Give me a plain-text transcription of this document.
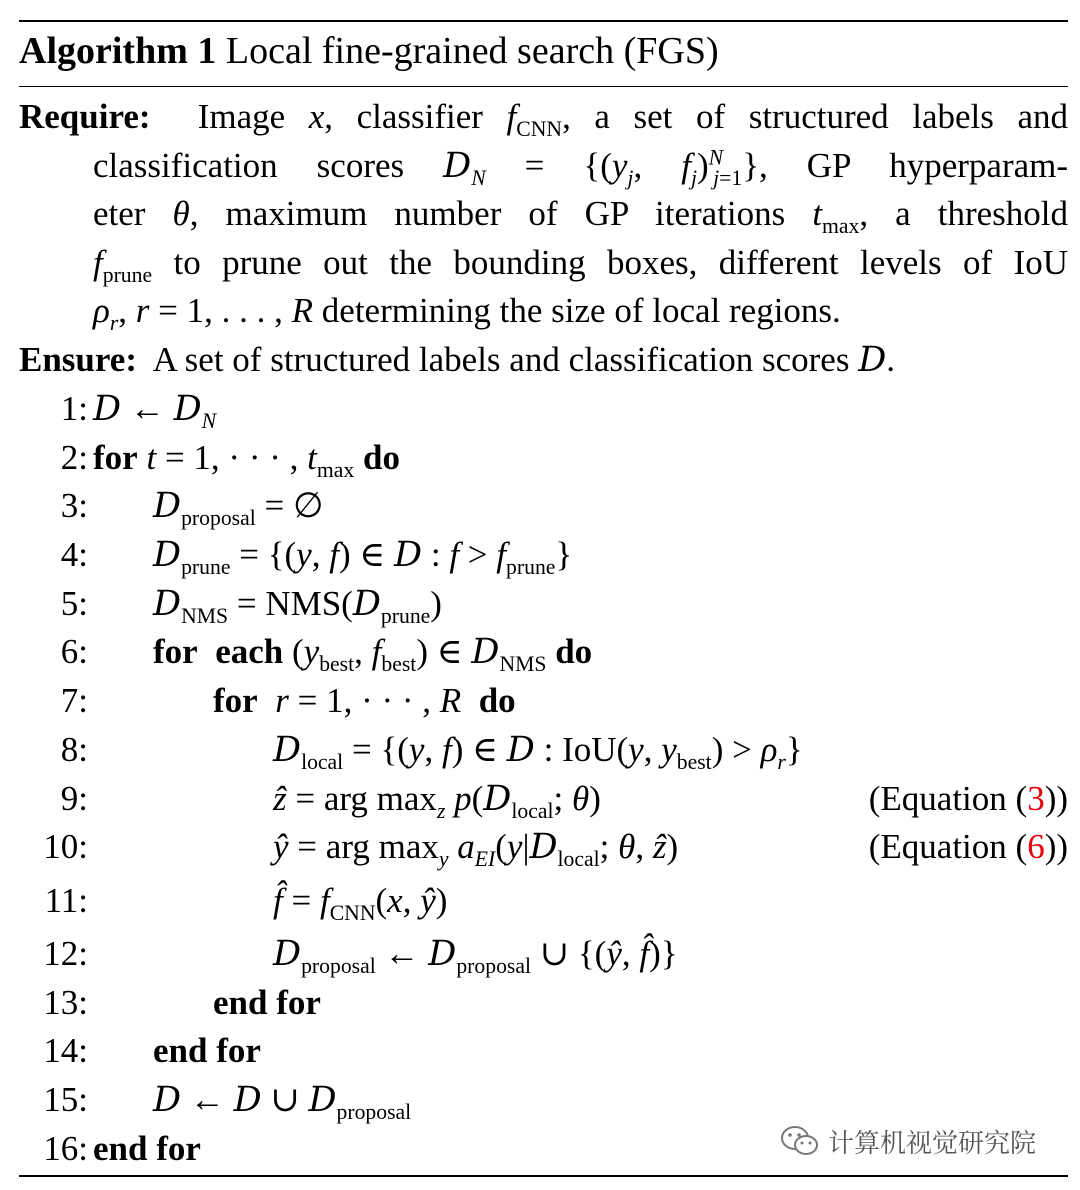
Algorithm 1 Local fine-grained search (FGS)
Require:  Image x, classifier $f_{CNN}$, a set of structured labels and
classification scores $D_N = \{(y_j$, $f_j)^N_{j=1}$}, GP hyperparam-
eter θ, maximum number of GP iterations $t_{max}$, a threshold
$f_{prune}$ to prune out the bounding boxes, different levels of IoU
$\rho_r$, r = 1, . . . , R determining the size of local regions.
Ensure:  A set of structured labels and classification scores D.
1: D ← $D_N$
2: for t = 1, · · · , $t_{max}$ do
3: $D_{proposal}$ = ∅
4: $D_{prune} = \{(y$, f) ∈ D : $f > f_{prune}$}
5: $D_{NMS} = NMS(D_{prune})$
6: for each ($y_{best}$, $f_{best}$) ∈ $D_{NMS}$ do
7:	for r = 1, · · · , R do
8:	$D_{local} = \{(y$, f) ∈ D : IoU(y, $y_{best}) > \rho_r$}
9:	ẑ = arg $\max_z p(D_{local}$; θ)	(Equation (3))
10:	ŷ = arg $\max_y a_{EI}(y|D_{local}$; θ, ẑ)	(Equation (6))
11:	f̂ = $f_{CNN}(x$, ŷ)
12:	$D_{proposal}$ ← $D_{proposal}$ ∪ {(ŷ, f̂)}
13:	end for
14: end for
15: D ← D ∪ $D_{proposal}$
16: end for	计算机视觉研究院
